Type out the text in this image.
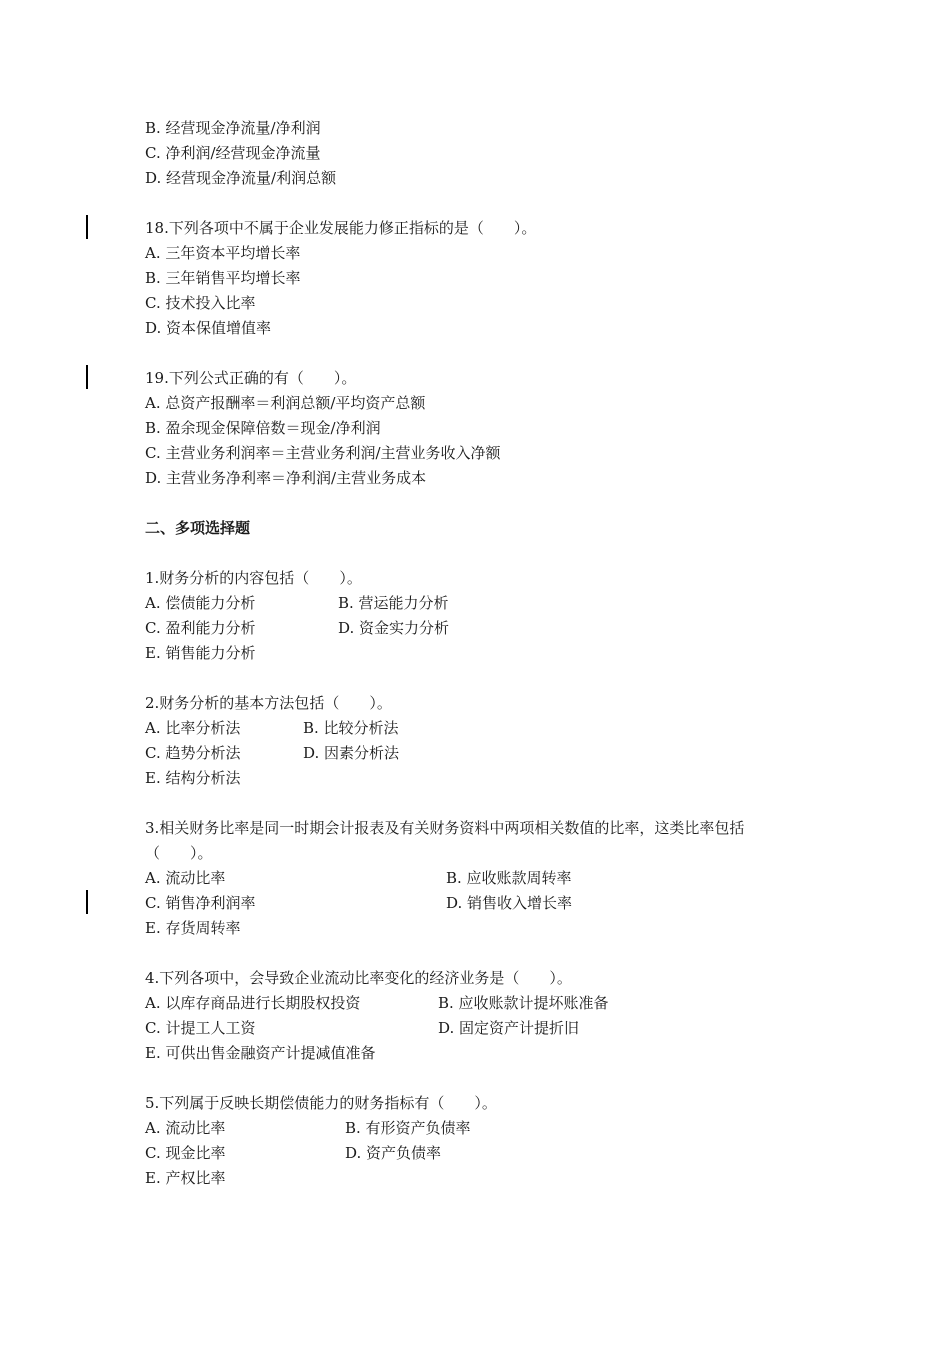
B. 经营现金净流量/净利润
C. 净利润/经营现金净流量
D. 经营现金净流量/利润总额
18.下列各项中不属于企业发展能力修正指标的是（　　）。
A. 三年资本平均增长率
B. 三年销售平均增长率
C. 技术投入比率
D. 资本保值增值率
19.下列公式正确的有（　　）。
A. 总资产报酬率＝利润总额/平均资产总额
B. 盈余现金保障倍数＝现金/净利润
C. 主营业务利润率＝主营业务利润/主营业务收入净额
D. 主营业务净利率＝净利润/主营业务成本
二、多项选择题
1.财务分析的内容包括（　　）。
A. 偿债能力分析	B. 营运能力分析
C. 盈利能力分析	D. 资金实力分析
E. 销售能力分析
2.财务分析的基本方法包括（　　）。
A. 比率分析法	B. 比较分析法
C. 趋势分析法	D. 因素分析法
E. 结构分析法
3.相关财务比率是同一时期会计报表及有关财务资料中两项相关数值的比率，这类比率包括
（　　）。
A. 流动比率	B. 应收账款周转率
C. 销售净利润率	D. 销售收入增长率
E. 存货周转率
4.下列各项中，会导致企业流动比率变化的经济业务是（　　）。
A. 以库存商品进行长期股权投资	B. 应收账款计提坏账准备
C. 计提工人工资	D. 固定资产计提折旧
E. 可供出售金融资产计提减值准备
5.下列属于反映长期偿债能力的财务指标有（　　）。
A. 流动比率	B. 有形资产负债率
C. 现金比率	D. 资产负债率
E. 产权比率
